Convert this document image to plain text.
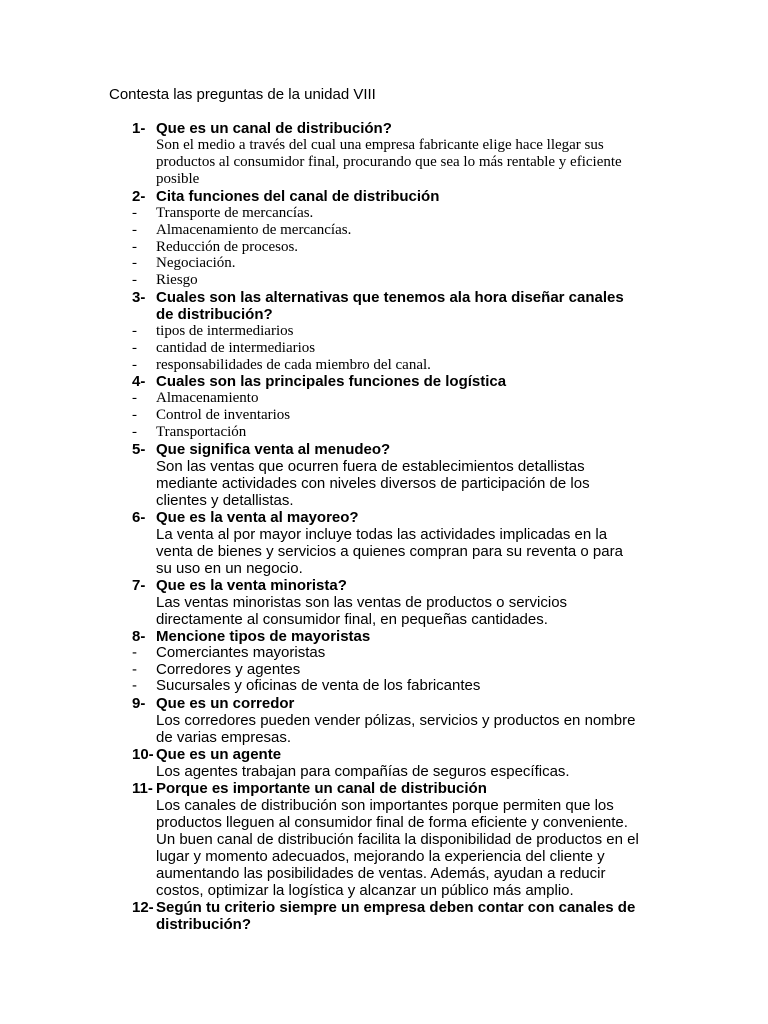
Contesta las preguntas de la unidad VIII
1- Que es un canal de distribución?
Son el medio a través del cual una empresa fabricante elige hace llegar sus
productos al consumidor final, procurando que sea lo más rentable y eficiente
posible
2- Cita funciones del canal de distribución
- Transporte de mercancías.
- Almacenamiento de mercancías.
- Reducción de procesos.
- Negociación.
- Riesgo
3- Cuales son las alternativas que tenemos ala hora diseñar canales
de distribución?
- tipos de intermediarios
- cantidad de intermediarios
- responsabilidades de cada miembro del canal.
4- Cuales son las principales funciones de logística
- Almacenamiento
- Control de inventarios
- Transportación
5- Que significa venta al menudeo?
Son las ventas que ocurren fuera de establecimientos detallistas
mediante actividades con niveles diversos de participación de los
clientes y detallistas.
6- Que es la venta al mayoreo?
La venta al por mayor incluye todas las actividades implicadas en la
venta de bienes y servicios a quienes compran para su reventa o para
su uso en un negocio.
7- Que es la venta minorista?
Las ventas minoristas son las ventas de productos o servicios
directamente al consumidor final, en pequeñas cantidades.
8- Mencione tipos de mayoristas
- Comerciantes mayoristas
- Corredores y agentes
- Sucursales y oficinas de venta de los fabricantes
9- Que es un corredor
Los corredores pueden vender pólizas, servicios y productos en nombre
de varias empresas.
10- Que es un agente
Los agentes trabajan para compañías de seguros específicas.
11- Porque es importante un canal de distribución
Los canales de distribución son importantes porque permiten que los
productos lleguen al consumidor final de forma eficiente y conveniente.
Un buen canal de distribución facilita la disponibilidad de productos en el
lugar y momento adecuados, mejorando la experiencia del cliente y
aumentando las posibilidades de ventas. Además, ayudan a reducir
costos, optimizar la logística y alcanzar un público más amplio.
12- Según tu criterio siempre un empresa deben contar con canales de
distribución?
